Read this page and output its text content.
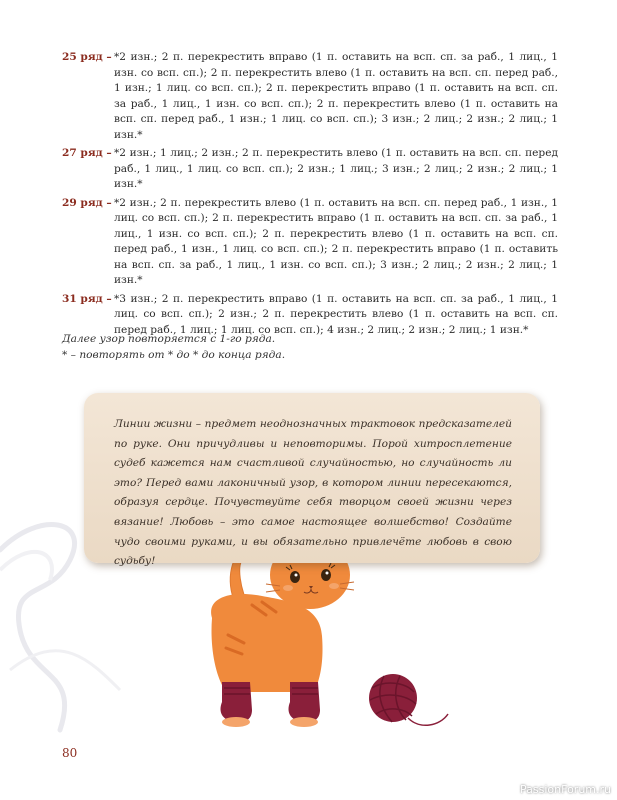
25 ряд – *2 изн.; 2 п. перекрестить вправо (1 п. оставить на всп. сп. за раб., 1 лиц., 1 изн. со всп. сп.); 2 п. перекрестить влево (1 п. оставить на всп. сп. перед раб., 1 изн.; 1 лиц. со всп. сп.); 2 п. перекрестить вправо (1 п. оставить на всп. сп. за раб., 1 лиц., 1 изн. со всп. сп.); 2 п. перекрестить влево (1 п. оставить на всп. сп. перед раб., 1 изн.; 1 лиц. со всп. сп.); 3 изн.; 2 лиц.; 2 изн.; 2 лиц.; 1 изн.*
27 ряд – *2 изн.; 1 лиц.; 2 изн.; 2 п. перекрестить влево (1 п. оставить на всп. сп. перед раб., 1 лиц., 1 лиц. со всп. сп.); 2 изн.; 1 лиц.; 3 изн.; 2 лиц.; 2 изн.; 2 лиц.; 1 изн.*
29 ряд – *2 изн.; 2 п. перекрестить влево (1 п. оставить на всп. сп. перед раб., 1 изн., 1 лиц. со всп. сп.); 2 п. перекрестить вправо (1 п. оставить на всп. сп. за раб., 1 лиц., 1 изн. со всп. сп.); 2 п. перекрестить влево (1 п. оставить на всп. сп. перед раб., 1 изн., 1 лиц. со всп. сп.); 2 п. перекрестить вправо (1 п. оставить на всп. сп. за раб., 1 лиц., 1 изн. со всп. сп.); 3 изн.; 2 лиц.; 2 изн.; 2 лиц.; 1 изн.*
31 ряд – *3 изн.; 2 п. перекрестить вправо (1 п. оставить на всп. сп. за раб., 1 лиц., 1 лиц. со всп. сп.); 2 изн.; 2 п. перекрестить влево (1 п. оставить на всп. сп. перед раб., 1 лиц.; 1 лиц. со всп. сп.); 4 изн.; 2 лиц.; 2 изн.; 2 лиц.; 1 изн.*
Далее узор повторяется с 1-го ряда.
* – повторять от * до * до конца ряда.
Линии жизни – предмет неоднозначных трактовок предсказателей по руке. Они причудливы и неповторимы. Порой хитросплетение судеб кажется нам счастливой случайностью, но случайность ли это? Перед вами лаконичный узор, в котором линии пересекаются, образуя сердце. Почувствуйте себя творцом своей жизни через вязание! Любовь – это самое настоящее волшебство! Создайте чудо своими руками, и вы обязательно привлечёте любовь в свою судьбу!
80
PassionForum.ru
